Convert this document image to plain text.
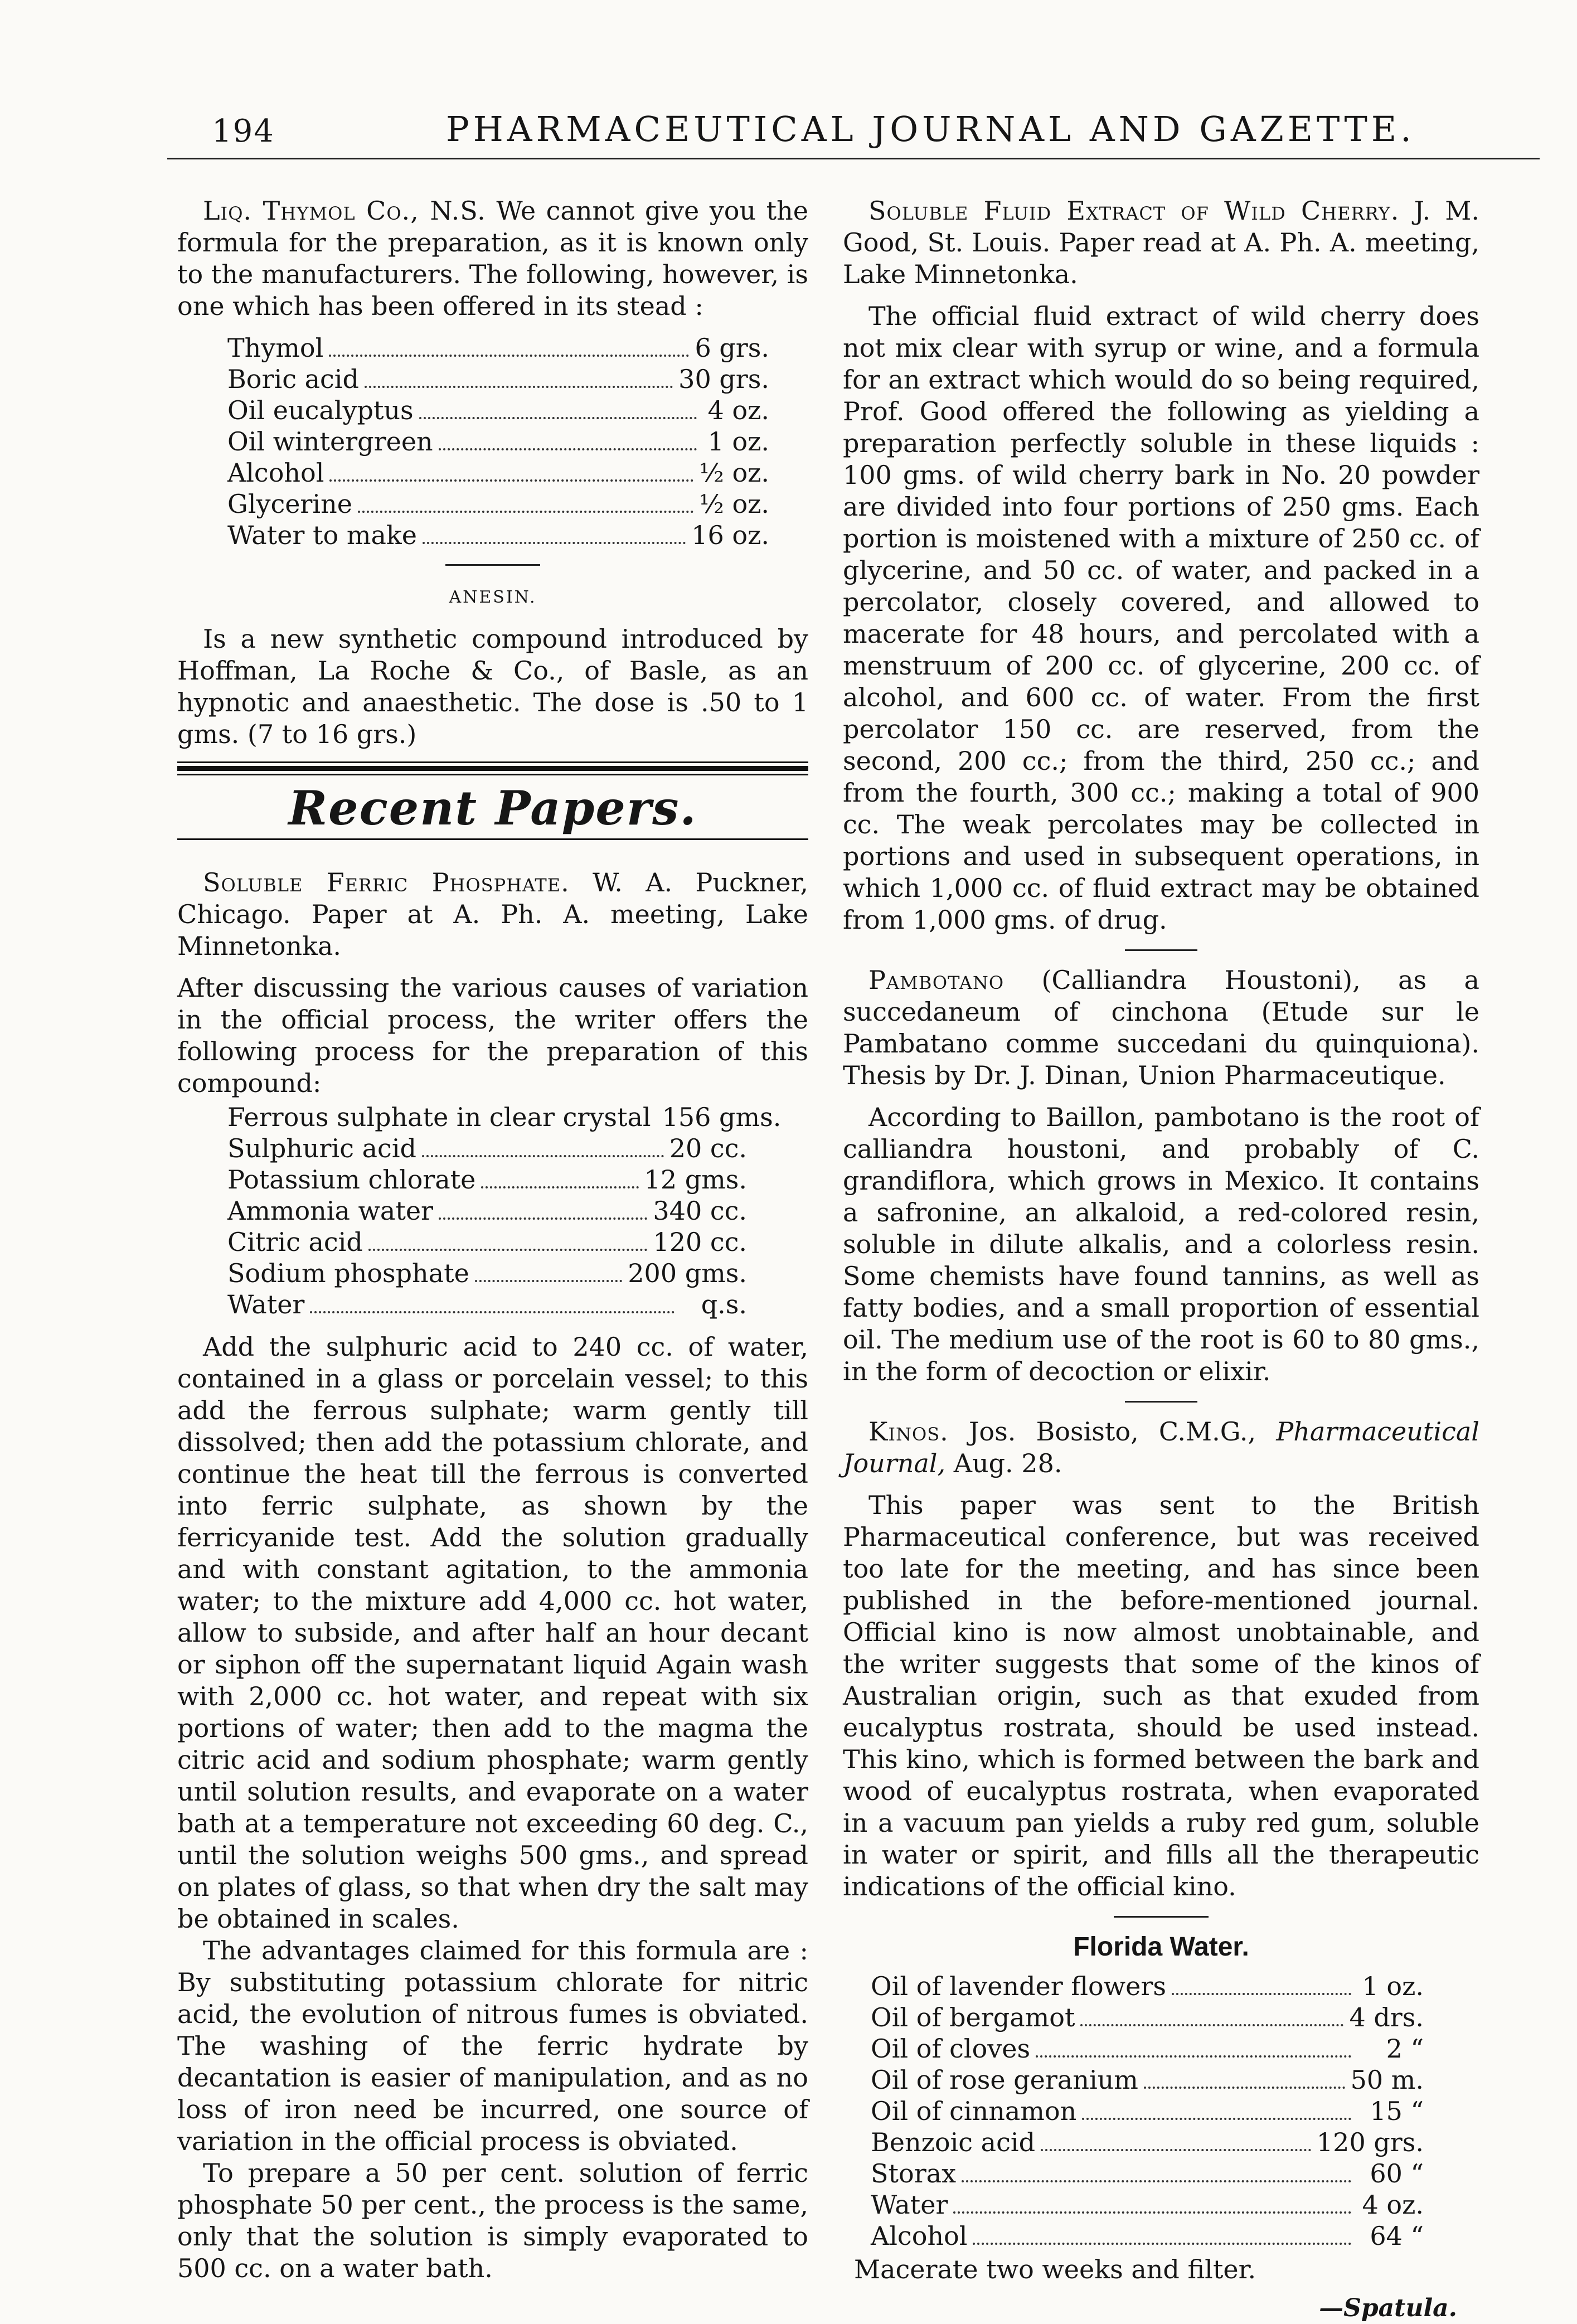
194	PHARMACEUTICAL JOURNAL AND GAZETTE.

Liq. Thymol Co., N.S. We cannot give you the formula for the preparation, as it is known only to the manufacturers. The following, however, is one which has been offered in its stead :

Thymol	6 grs.
Boric acid	30 grs.
Oil eucalyptus	4 oz.
Oil wintergreen	1 oz.
Alcohol	½ oz.
Glycerine	½ oz.
Water to make	16 oz.
ANESIN.

Is a new synthetic compound introduced by Hoffman, La Roche & Co., of Basle, as an hypnotic and anaesthetic. The dose is .50 to 1 gms. (7 to 16 grs.)

Recent Papers.

Soluble Ferric Phosphate. W. A. Puckner, Chicago. Paper at A. Ph. A. meeting, Lake Minnetonka.

After discussing the various causes of variation in the official process, the writer offers the following process for the preparation of this compound:

Ferrous sulphate in clear crystal 156 gms.
Sulphuric acid	20 cc.
Potassium chlorate	12 gms.
Ammonia water	340 cc.
Citric acid	120 cc.
Sodium phosphate	200 gms.
Water	q.s.

Add the sulphuric acid to 240 cc. of water, contained in a glass or porcelain vessel; to this add the ferrous sulphate; warm gently till dissolved; then add the potassium chlorate, and continue the heat till the ferrous is converted into ferric sulphate, as shown by the ferricyanide test. Add the solution gradually and with constant agitation, to the ammonia water; to the mixture add 4,000 cc. hot water, allow to subside, and after half an hour decant or siphon off the supernatant liquid Again wash with 2,000 cc. hot water, and repeat with six portions of water; then add to the magma the citric acid and sodium phosphate; warm gently until solution results, and evaporate on a water bath at a temperature not exceeding 60 deg. C., until the solution weighs 500 gms., and spread on plates of glass, so that when dry the salt may be obtained in scales.

The advantages claimed for this formula are : By substituting potassium chlorate for nitric acid, the evolution of nitrous fumes is obviated. The washing of the ferric hydrate by decantation is easier of manipulation, and as no loss of iron need be incurred, one source of variation in the official process is obviated.

To prepare a 50 per cent. solution of ferric phosphate 50 per cent., the process is the same, only that the solution is simply evaporated to 500 cc. on a water bath.

Soluble Fluid Extract of Wild Cherry. J. M. Good, St. Louis. Paper read at A. Ph. A. meeting, Lake Minnetonka.

The official fluid extract of wild cherry does not mix clear with syrup or wine, and a formula for an extract which would do so being required, Prof. Good offered the following as yielding a preparation perfectly soluble in these liquids : 100 gms. of wild cherry bark in No. 20 powder are divided into four portions of 250 gms. Each portion is moistened with a mixture of 250 cc. of glycerine, and 50 cc. of water, and packed in a percolator, closely covered, and allowed to macerate for 48 hours, and percolated with a menstruum of 200 cc. of glycerine, 200 cc. of alcohol, and 600 cc. of water. From the first percolator 150 cc. are reserved, from the second, 200 cc.; from the third, 250 cc.; and from the fourth, 300 cc.; making a total of 900 cc. The weak percolates may be collected in portions and used in subsequent operations, in which 1,000 cc. of fluid extract may be obtained from 1,000 gms. of drug.

Pambotano (Calliandra Houstoni), as a succedaneum of cinchona (Etude sur le Pambatano comme succedani du quinquiona). Thesis by Dr. J. Dinan, Union Pharmaceutique.

According to Baillon, pambotano is the root of calliandra houstoni, and probably of C. grandiflora, which grows in Mexico. It contains a safronine, an alkaloid, a red-colored resin, soluble in dilute alkalis, and a colorless resin. Some chemists have found tannins, as well as fatty bodies, and a small proportion of essential oil. The medium use of the root is 60 to 80 gms., in the form of decoction or elixir.

Kinos. Jos. Bosisto, C.M.G., Pharmaceutical Journal, Aug. 28.

This paper was sent to the British Pharmaceutical conference, but was received too late for the meeting, and has since been published in the before-mentioned journal. Official kino is now almost unobtainable, and the writer suggests that some of the kinos of Australian origin, such as that exuded from eucalyptus rostrata, should be used instead. This kino, which is formed between the bark and wood of eucalyptus rostrata, when evaporated in a vacuum pan yields a ruby red gum, soluble in water or spirit, and fills all the therapeutic indications of the official kino.

Florida Water.
Oil of lavender flowers	1 oz.
Oil of bergamot	4 drs.
Oil of cloves	2 “
Oil of rose geranium	50 m.
Oil of cinnamon	15 “
Benzoic acid	120 grs.
Storax	60 “
Water	4 oz.
Alcohol	64 “

Macerate two weeks and filter.

—Spatula.
